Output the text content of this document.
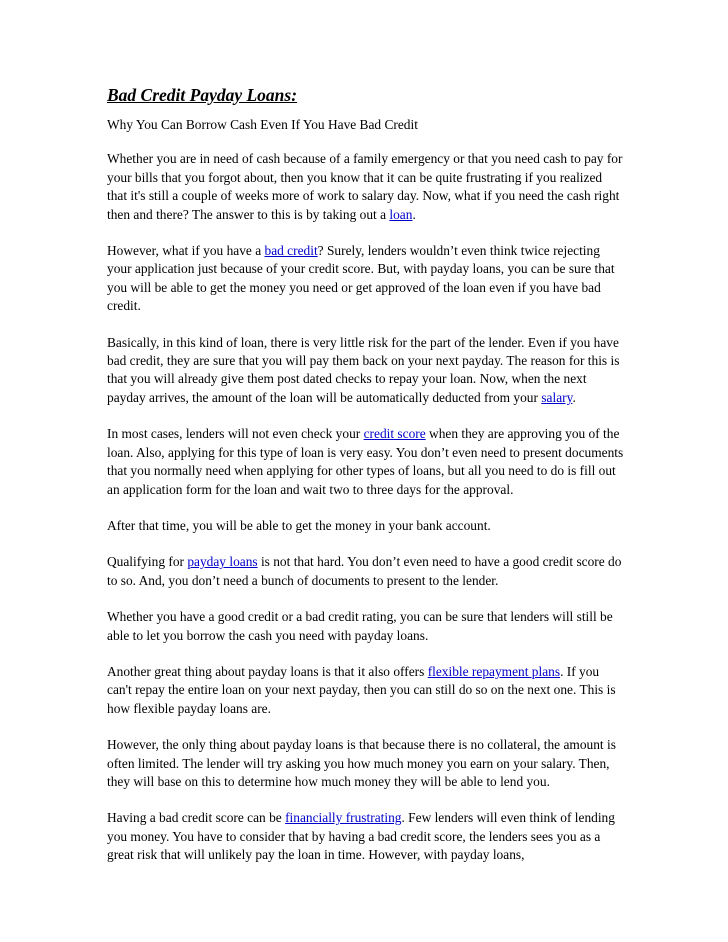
Bad Credit Payday Loans:
Why You Can Borrow Cash Even If You Have Bad Credit

Whether you are in need of cash because of a family emergency or that you need cash to pay for your bills that you forgot about, then you know that it can be quite frustrating if you realized that it's still a couple of weeks more of work to salary day. Now, what if you need the cash right then and there? The answer to this is by taking out a loan.

However, what if you have a bad credit? Surely, lenders wouldn’t even think twice rejecting your application just because of your credit score. But, with payday loans, you can be sure that you will be able to get the money you need or get approved of the loan even if you have bad credit.

Basically, in this kind of loan, there is very little risk for the part of the lender. Even if you have bad credit, they are sure that you will pay them back on your next payday. The reason for this is that you will already give them post dated checks to repay your loan. Now, when the next payday arrives, the amount of the loan will be automatically deducted from your salary.

In most cases, lenders will not even check your credit score when they are approving you of the loan. Also, applying for this type of loan is very easy. You don’t even need to present documents that you normally need when applying for other types of loans, but all you need to do is fill out an application form for the loan and wait two to three days for the approval.

After that time, you will be able to get the money in your bank account.

Qualifying for payday loans is not that hard. You don’t even need to have a good credit score do to so. And, you don’t need a bunch of documents to present to the lender.

Whether you have a good credit or a bad credit rating, you can be sure that lenders will still be able to let you borrow the cash you need with payday loans.

Another great thing about payday loans is that it also offers flexible repayment plans. If you can't repay the entire loan on your next payday, then you can still do so on the next one. This is how flexible payday loans are.

However, the only thing about payday loans is that because there is no collateral, the amount is often limited. The lender will try asking you how much money you earn on your salary. Then, they will base on this to determine how much money they will be able to lend you.

Having a bad credit score can be financially frustrating. Few lenders will even think of lending you money. You have to consider that by having a bad credit score, the lenders sees you as a great risk that will unlikely pay the loan in time. However, with payday loans,
